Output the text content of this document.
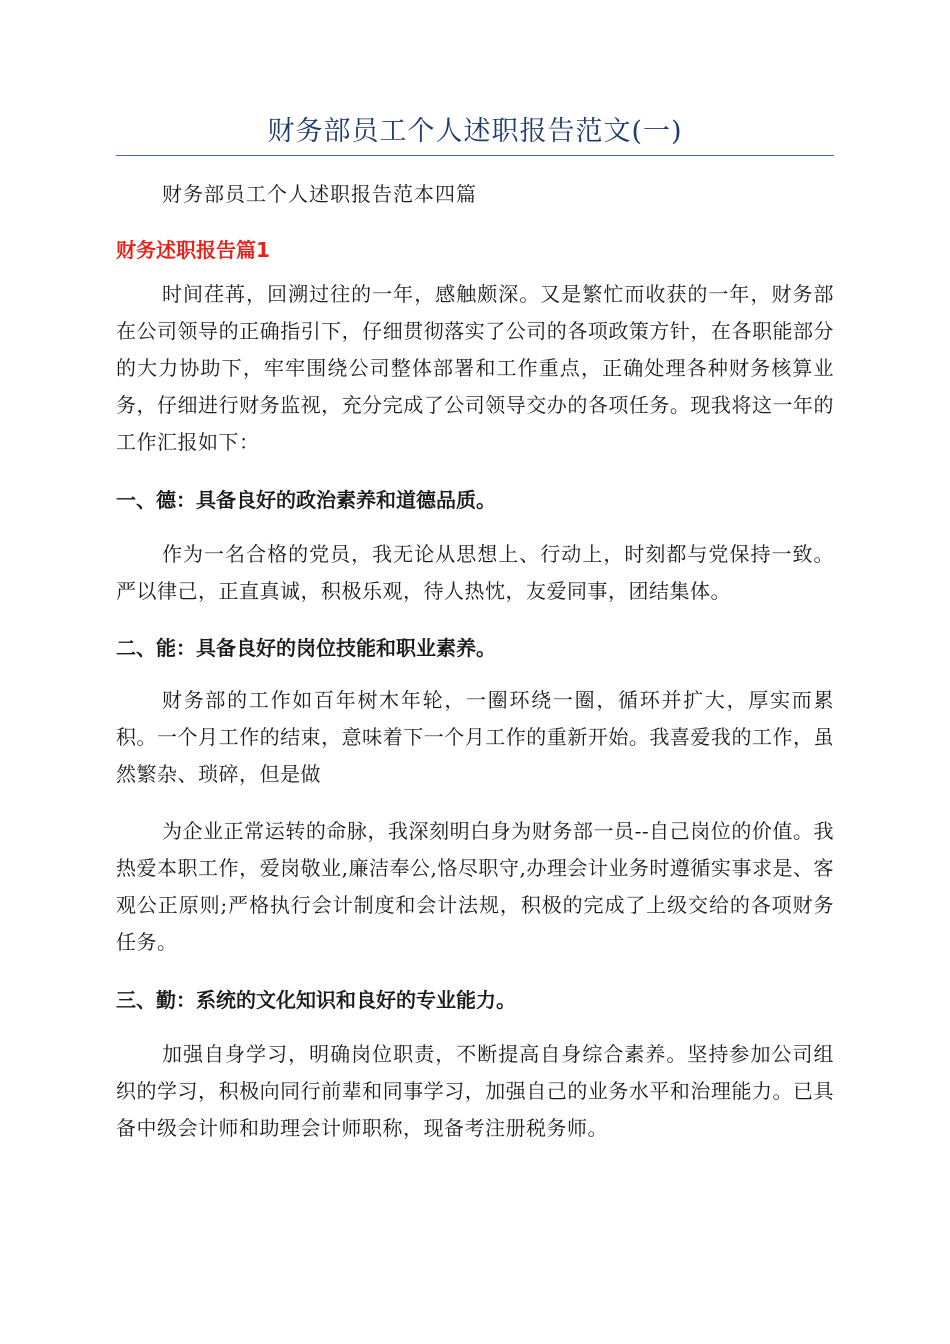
财务部员工个人述职报告范文(一)
财务部员工个人述职报告范本四篇
财务述职报告篇1

时间荏苒，回溯过往的一年，感触颇深。又是繁忙而收获的一年，财务部在公司领导的正确指引下，仔细贯彻落实了公司的各项政策方针，在各职能部分的大力协助下，牢牢围绕公司整体部署和工作重点，正确处理各种财务核算业务，仔细进行财务监视，充分完成了公司领导交办的各项任务。现我将这一年的工作汇报如下：

一、德：具备良好的政治素养和道德品质。

作为一名合格的党员，我无论从思想上、行动上，时刻都与党保持一致。严以律己，正直真诚，积极乐观，待人热忱，友爱同事，团结集体。

二、能：具备良好的岗位技能和职业素养。

财务部的工作如百年树木年轮，一圈环绕一圈，循环并扩大，厚实而累积。一个月工作的结束，意味着下一个月工作的重新开始。我喜爱我的工作，虽然繁杂、琐碎，但是做

为企业正常运转的命脉，我深刻明白身为财务部一员--自己岗位的价值。我热爱本职工作，爱岗敬业,廉洁奉公,恪尽职守,办理会计业务时遵循实事求是、客观公正原则;严格执行会计制度和会计法规，积极的完成了上级交给的各项财务任务。

三、勤：系统的文化知识和良好的专业能力。

加强自身学习，明确岗位职责，不断提高自身综合素养。坚持参加公司组织的学习，积极向同行前辈和同事学习，加强自己的业务水平和治理能力。已具备中级会计师和助理会计师职称，现备考注册税务师。
